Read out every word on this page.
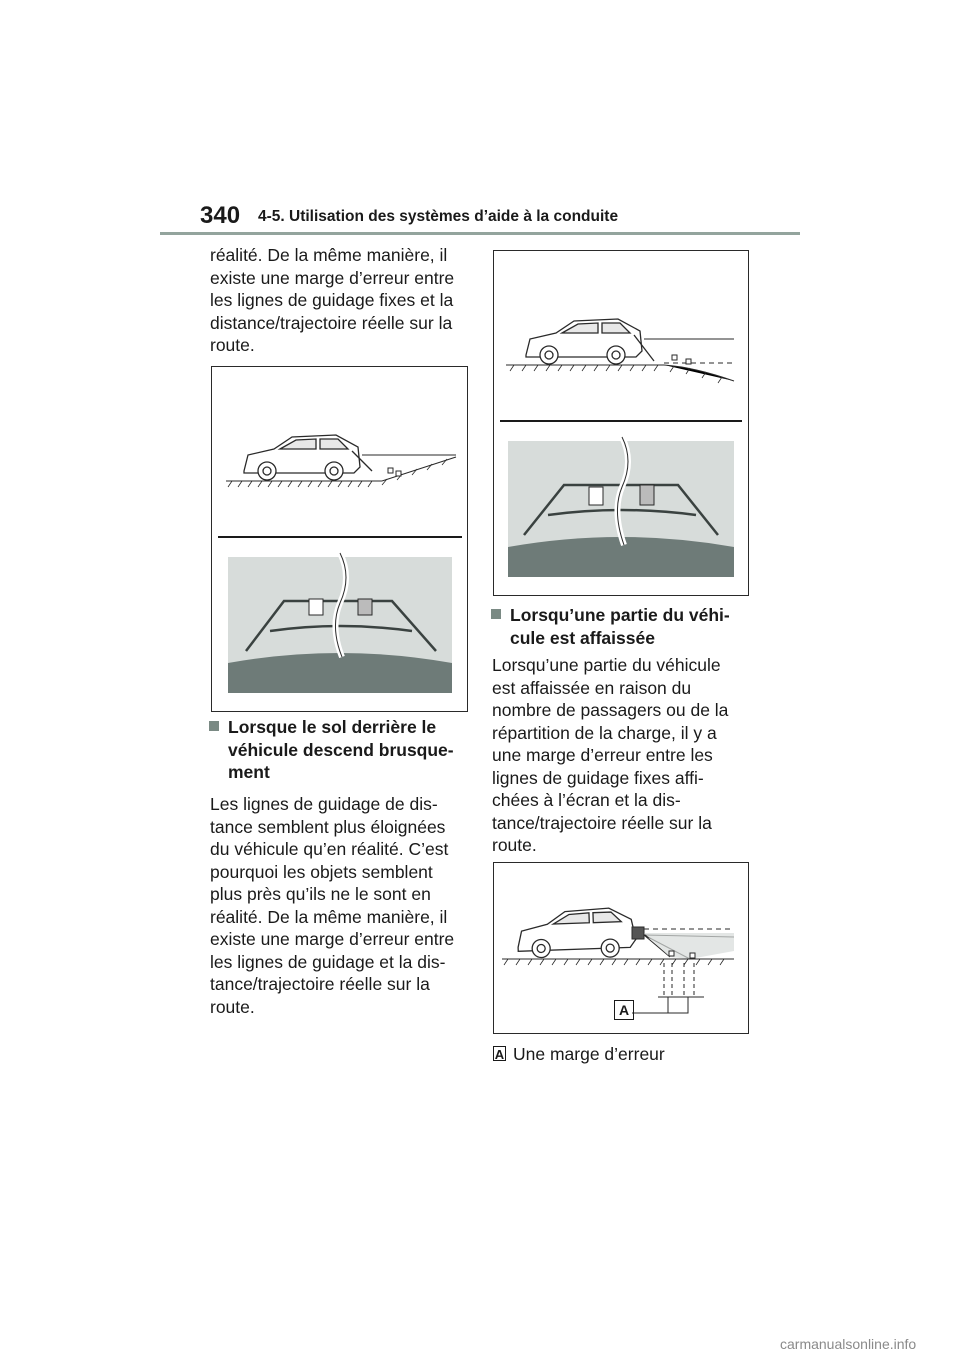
340 4-5. Utilisation des systèmes d’aide à la conduite

réalité. De la même manière, il

existe une marge d’erreur entre

les lignes de guidage fixes et la

distance/trajectoire réelle sur la

route.

Lorsque le sol derrière le
véhicule descend brusque-
ment

Les lignes de guidage de dis-

tance semblent plus éloignées

du véhicule qu’en réalité. C’est

pourquoi les objets semblent

plus près qu’ils ne le sont en

réalité. De la même manière, il

existe une marge d’erreur entre

les lignes de guidage et la dis-

tance/trajectoire réelle sur la

route.

Lorsqu’une partie du véhi-
cule est affaissée

Lorsqu’une partie du véhicule

est affaissée en raison du

nombre de passagers ou de la

répartition de la charge, il y a

une marge d’erreur entre les

lignes de guidage fixes affi-

chées à l’écran et la dis-

tance/trajectoire réelle sur la

route.

A
A Une marge d’erreur
carmanualsonline.info
